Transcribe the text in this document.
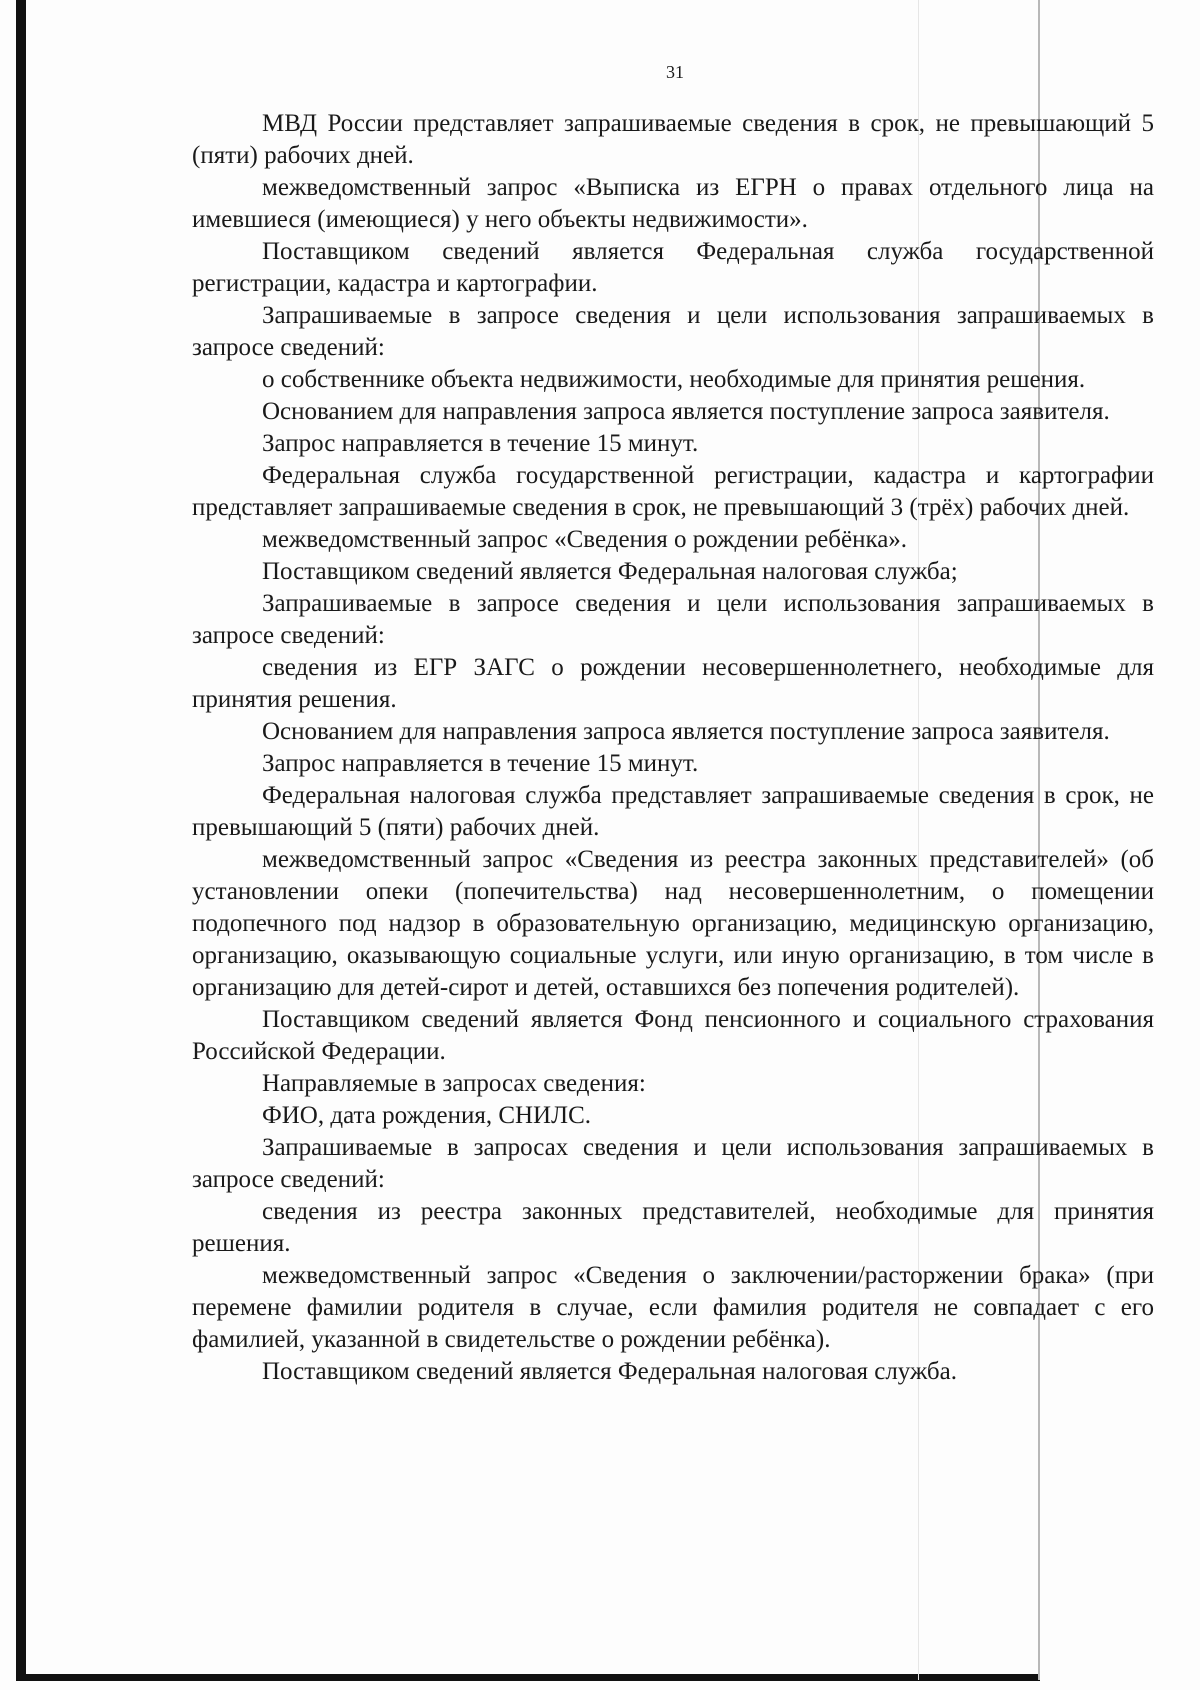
31

МВД России представляет запрашиваемые сведения в срок, не превышающий 5 (пяти) рабочих дней.

межведомственный запрос «Выписка из ЕГРН о правах отдельного лица на имевшиеся (имеющиеся) у него объекты недвижимости».

Поставщиком сведений является Федеральная служба государственной регистрации, кадастра и картографии.

Запрашиваемые в запросе сведения и цели использования запрашиваемых в запросе сведений:

о собственнике объекта недвижимости, необходимые для принятия решения.

Основанием для направления запроса является поступление запроса заявителя.

Запрос направляется в течение 15 минут.

Федеральная служба государственной регистрации, кадастра и картографии представляет запрашиваемые сведения в срок, не превышающий 3 (трёх) рабочих дней.

межведомственный запрос «Сведения о рождении ребёнка».

Поставщиком сведений является Федеральная налоговая служба;

Запрашиваемые в запросе сведения и цели использования запрашиваемых в запросе сведений:

сведения из ЕГР ЗАГС о рождении несовершеннолетнего, необходимые для принятия решения.

Основанием для направления запроса является поступление запроса заявителя.

Запрос направляется в течение 15 минут.

Федеральная налоговая служба представляет запрашиваемые сведения в срок, не превышающий 5 (пяти) рабочих дней.

межведомственный запрос «Сведения из реестра законных представителей» (об установлении опеки (попечительства) над несовершеннолетним, о помещении подопечного под надзор в образовательную организацию, медицинскую организацию, организацию, оказывающую социальные услуги, или иную организацию, в том числе в организацию для детей-сирот и детей, оставшихся без попечения родителей).

Поставщиком сведений является Фонд пенсионного и социального страхования Российской Федерации.

Направляемые в запросах сведения:

ФИО, дата рождения, СНИЛС.

Запрашиваемые в запросах сведения и цели использования запрашиваемых в запросе сведений:

сведения из реестра законных представителей, необходимые для принятия решения.

межведомственный запрос «Сведения о заключении/расторжении брака» (при перемене фамилии родителя в случае, если фамилия родителя не совпадает с его фамилией, указанной в свидетельстве о рождении ребёнка).

Поставщиком сведений является Федеральная налоговая служба.
